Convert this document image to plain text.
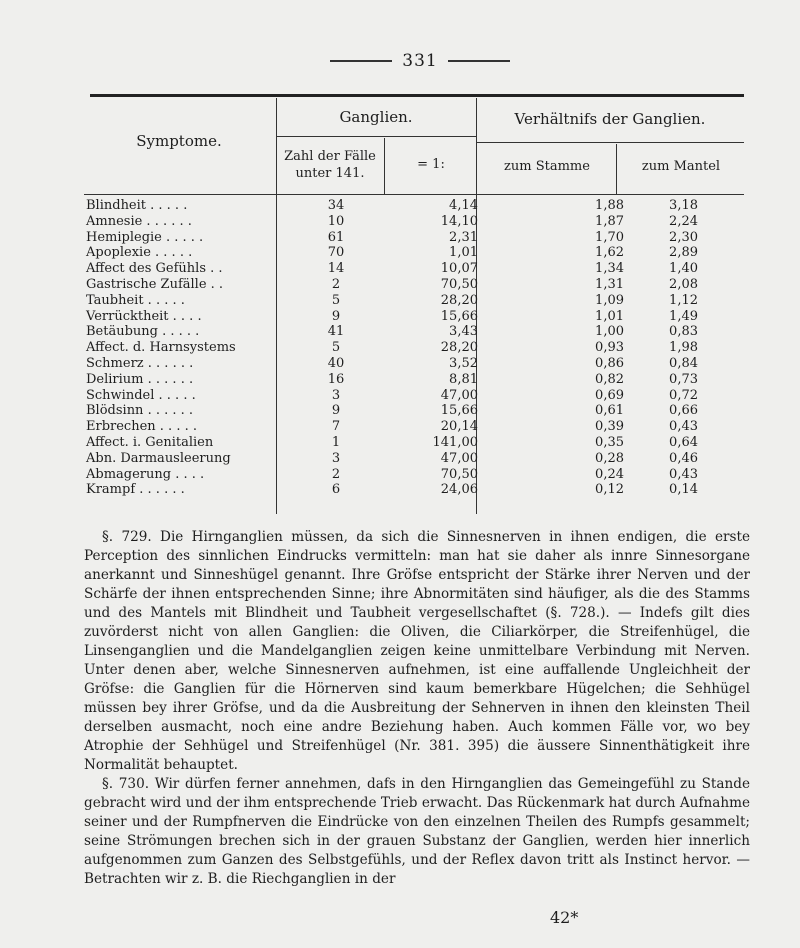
331
Symptome.
Ganglien.	Verhältnifs der Ganglien.
Zahl der Fälle
unter 141.
= 1:	zum Stamme	zum Mantel
Blindheit . . . . .	34	4,14	1,88	3,18
Amnesie . . . . . .	10	14,10	1,87	2,24
Hemiplegie . . . . .	61	2,31	1,70	2,30
Apoplexie . . . . .	70	1,01	1,62	2,89
Affect des Gefühls . .	14	10,07	1,34	1,40
Gastrische Zufälle . .	2	70,50	1,31	2,08
Taubheit . . . . .	5	28,20	1,09	1,12
Verrücktheit . . . .	9	15,66	1,01	1,49
Betäubung . . . . .	41	3,43	1,00	0,83
Affect. d. Harnsystems	5	28,20	0,93	1,98
Schmerz . . . . . .	40	3,52	0,86	0,84
Delirium . . . . . .	16	8,81	0,82	0,73
Schwindel . . . . .	3	47,00	0,69	0,72
Blödsinn . . . . . .	9	15,66	0,61	0,66
Erbrechen . . . . .	7	20,14	0,39	0,43
Affect. i. Genitalien	1	141,00	0,35	0,64
Abn. Darmausleerung	3	47,00	0,28	0,46
Abmagerung . . . .	2	70,50	0,24	0,43
Krampf . . . . . .	6	24,06	0,12	0,14

§. 729. Die Hirnganglien müssen, da sich die Sinnesnerven in ihnen endigen, die erste Perception des sinnlichen Eindrucks vermitteln: man hat sie daher als innre Sinnesorgane anerkannt und Sinneshügel genannt. Ihre Gröfse entspricht der Stärke ihrer Nerven und der Schärfe der ihnen entsprechenden Sinne; ihre Abnormitäten sind häufiger, als die des Stamms und des Mantels mit Blindheit und Taubheit vergesellschaftet (§. 728.). — Indefs gilt dies zuvörderst nicht von allen Ganglien: die Oliven, die Ciliarkörper, die Streifenhügel, die Linsenganglien und die Mandelganglien zeigen keine unmittelbare Verbindung mit Nerven. Unter denen aber, welche Sinnesnerven aufnehmen, ist eine auffallende Ungleichheit der Gröfse: die Ganglien für die Hörnerven sind kaum bemerkbare Hügelchen; die Sehhügel müssen bey ihrer Gröfse, und da die Ausbreitung der Sehnerven in ihnen den kleinsten Theil derselben ausmacht, noch eine andre Beziehung haben. Auch kommen Fälle vor, wo bey Atrophie der Sehhügel und Streifenhügel (Nr. 381. 395) die äussere Sinnenthätigkeit ihre Normalität behauptet.

§. 730. Wir dürfen ferner annehmen, dafs in den Hirnganglien das Gemeingefühl zu Stande gebracht wird und der ihm entsprechende Trieb erwacht. Das Rückenmark hat durch Aufnahme seiner und der Rumpfnerven die Eindrücke von den einzelnen Theilen des Rumpfs gesammelt; seine Strömungen brechen sich in der grauen Substanz der Ganglien, werden hier innerlich aufgenommen zum Ganzen des Selbstgefühls, und der Reflex davon tritt als Instinct hervor. — Betrachten wir z. B. die Riechganglien in der

42*
